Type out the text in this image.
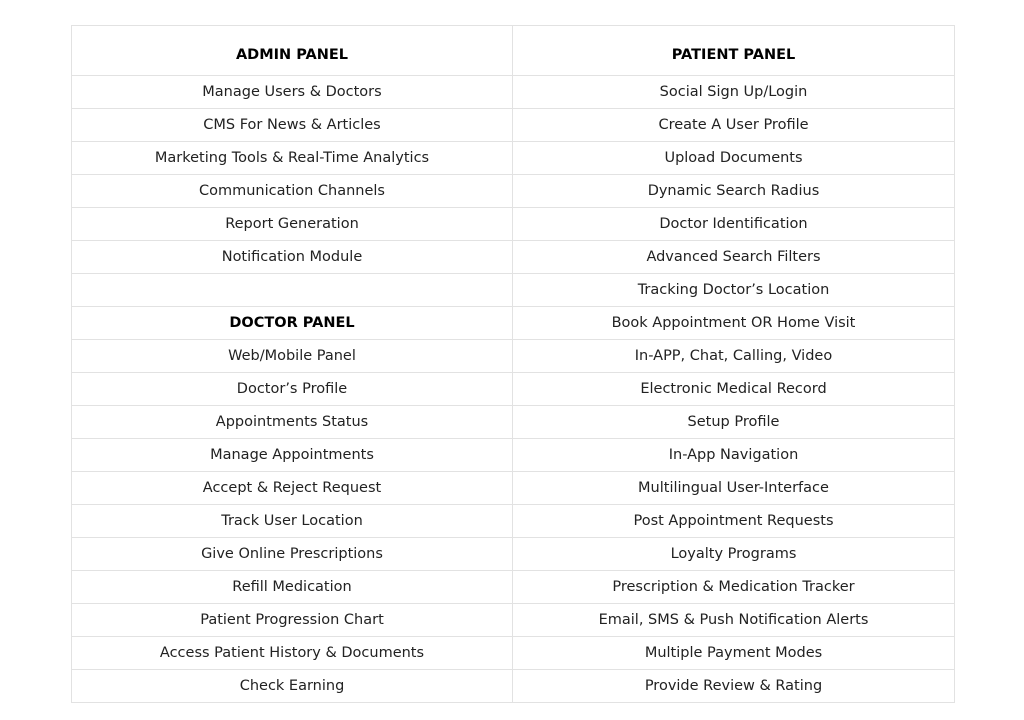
ADMIN PANEL	PATIENT PANEL
Manage Users & Doctors	Social Sign Up/Login
CMS For News & Articles	Create A User Profile
Marketing Tools & Real-Time Analytics	Upload Documents
Communication Channels	Dynamic Search Radius
Report Generation	Doctor Identification
Notification Module	Advanced Search Filters
	Tracking Doctor’s Location
DOCTOR PANEL	Book Appointment OR Home Visit
Web/Mobile Panel	In-APP, Chat, Calling, Video
Doctor’s Profile	Electronic Medical Record
Appointments Status	Setup Profile
Manage Appointments	In-App Navigation
Accept & Reject Request	Multilingual User-Interface
Track User Location	Post Appointment Requests
Give Online Prescriptions	Loyalty Programs
Refill Medication	Prescription & Medication Tracker
Patient Progression Chart	Email, SMS & Push Notification Alerts
Access Patient History & Documents	Multiple Payment Modes
Check Earning	Provide Review & Rating
